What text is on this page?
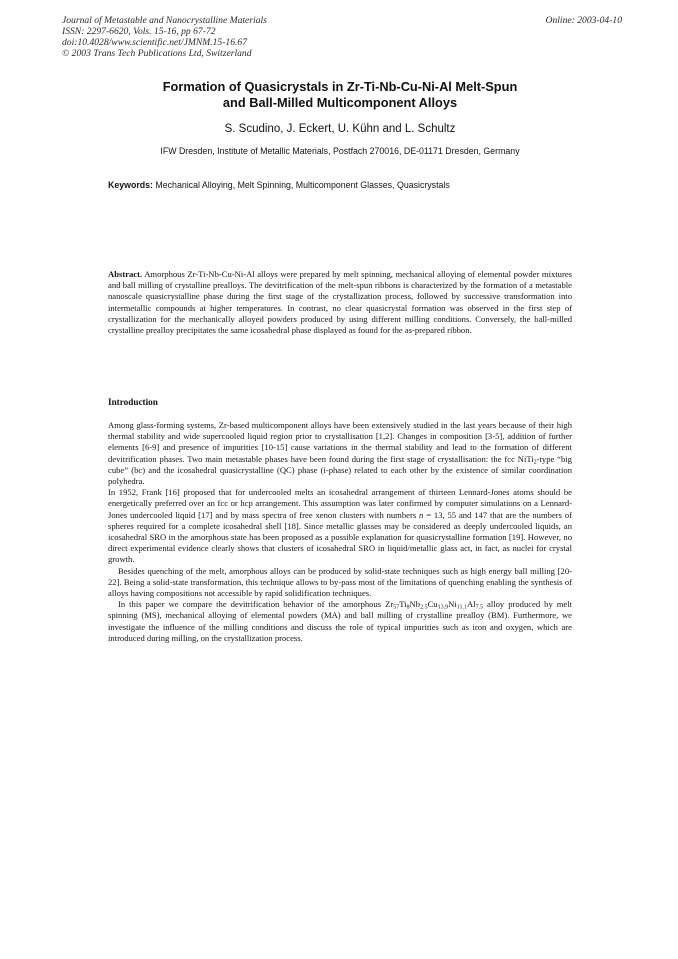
Journal of Metastable and Nanocrystalline Materials
ISSN: 2297-6620, Vols. 15-16, pp 67-72
doi:10.4028/www.scientific.net/JMNM.15-16.67
© 2003 Trans Tech Publications Ltd, Switzerland
Online: 2003-04-10
Formation of Quasicrystals in Zr-Ti-Nb-Cu-Ni-Al Melt-Spun
and Ball-Milled Multicomponent Alloys
S. Scudino, J. Eckert, U. Kühn and L. Schultz
IFW Dresden, Institute of Metallic Materials, Postfach 270016, DE-01171 Dresden, Germany
Keywords: Mechanical Alloying, Melt Spinning, Multicomponent Glasses, Quasicrystals
Abstract. Amorphous Zr-Ti-Nb-Cu-Ni-Al alloys were prepared by melt spinning, mechanical alloying of elemental powder mixtures and ball milling of crystalline prealloys. The devitrification of the melt-spun ribbons is characterized by the formation of a metastable nanoscale quasicrystalline phase during the first stage of the crystallization process, followed by successive transformation into intermetallic compounds at higher temperatures. In contrast, no clear quasicrystal formation was observed in the first step of crystallization for the mechanically alloyed powders produced by using different milling conditions. Conversely, the ball-milled crystalline prealloy precipitates the same icosahedral phase displayed as found for the as-prepared ribbon.
Introduction

Among glass-forming systems, Zr-based multicomponent alloys have been extensively studied in the last years because of their high thermal stability and wide supercooled liquid region prior to crystallisation [1,2]. Changes in composition [3-5], addition of further elements [6-9] and presence of impurities [10-15] cause variations in the thermal stability and lead to the formation of different devitrification phases. Two main metastable phases have been found during the first stage of crystallisation: the fcc NiTi$_2$-type “big cube” (bc) and the icosahedral quasicrystalline (QC) phase (i-phase) related to each other by the existence of similar coordination polyhedra.

In 1952, Frank [16] proposed that for undercooled melts an icosahedral arrangement of thirteen Lennard-Jones atoms should be energetically preferred over an fcc or hcp arrangement. This assumption was later confirmed by computer simulations on a Lennard-Jones undercooled liquid [17] and by mass spectra of free xenon clusters with numbers n = 13, 55 and 147 that are the numbers of spheres required for a complete icosahedral shell [18]. Since metallic glasses may be considered as deeply undercooled liquids, an icosahedral SRO in the amorphous state has been proposed as a possible explanation for quasicrystalline formation [19]. However, no direct experimental evidence clearly shows that clusters of icosahedral SRO in liquid/metallic glass act, in fact, as nuclei for crystal growth.

Besides quenching of the melt, amorphous alloys can be produced by solid-state techniques such as high energy ball milling [20-22]. Being a solid-state transformation, this technique allows to by-pass most of the limitations of quenching enabling the synthesis of alloys having compositions not accessible by rapid solidification techniques.

In this paper we compare the devitrification behavior of the amorphous $Zr_{57}Ti_8Nb_{2.5}Cu_{13.9}Ni_{11.1}Al_{7.5}$ alloy produced by melt spinning (MS), mechanical alloying of elemental powders (MA) and ball milling of crystalline prealloy (BM). Furthermore, we investigate the influence of the milling conditions and discuss the role of typical impurities such as iron and oxygen, which are introduced during milling, on the crystallization process.
